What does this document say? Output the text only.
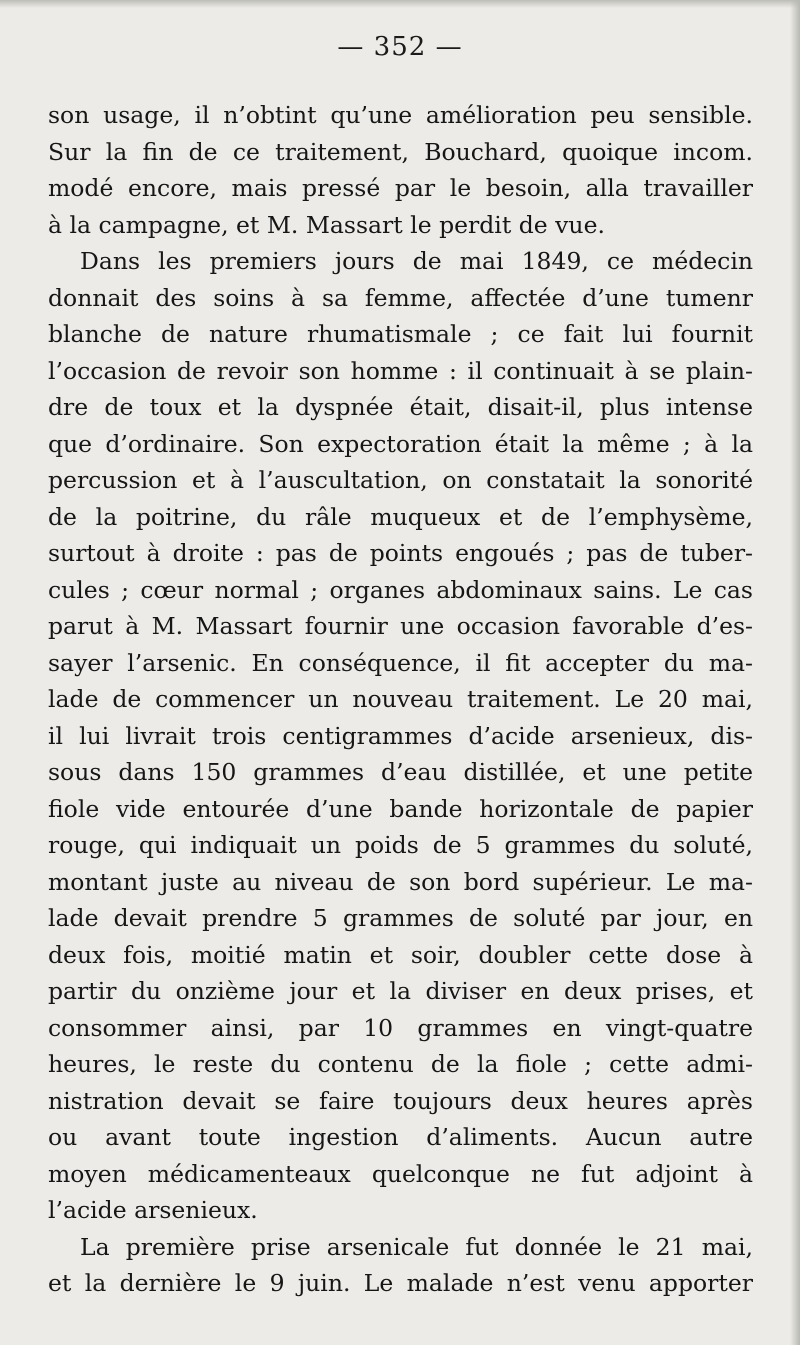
— 352 —
son usage, il n’obtint qu’une amélioration peu sensible.
Sur la fin de ce traitement, Bouchard, quoique incom.
modé encore, mais pressé par le besoin, alla travailler
à la campagne, et M. Massart le perdit de vue.
Dans les premiers jours de mai 1849, ce médecin
donnait des soins à sa femme, affectée d’une tumenr
blanche de nature rhumatismale ; ce fait lui fournit
l’occasion de revoir son homme : il continuait à se plain-
dre de toux et la dyspnée était, disait-il, plus intense
que d’ordinaire. Son expectoration était la même ; à la
percussion et à l’auscultation, on constatait la sonorité
de la poitrine, du râle muqueux et de l’emphysème,
surtout à droite : pas de points engoués ; pas de tuber-
cules ; cœur normal ; organes abdominaux sains. Le cas
parut à M. Massart fournir une occasion favorable d’es-
sayer l’arsenic. En conséquence, il fit accepter du ma-
lade de commencer un nouveau traitement. Le 20 mai,
il lui livrait trois centigrammes d’acide arsenieux, dis-
sous dans 150 grammes d’eau distillée, et une petite
fiole vide entourée d’une bande horizontale de papier
rouge, qui indiquait un poids de 5 grammes du soluté,
montant juste au niveau de son bord supérieur. Le ma-
lade devait prendre 5 grammes de soluté par jour, en
deux fois, moitié matin et soir, doubler cette dose à
partir du onzième jour et la diviser en deux prises, et
consommer ainsi, par 10 grammes en vingt-quatre
heures, le reste du contenu de la fiole ; cette admi-
nistration devait se faire toujours deux heures après
ou avant toute ingestion d’aliments. Aucun autre
moyen médicamenteaux quelconque ne fut adjoint à
l’acide arsenieux.
La première prise arsenicale fut donnée le 21 mai,
et la dernière le 9 juin. Le malade n’est venu apporter
